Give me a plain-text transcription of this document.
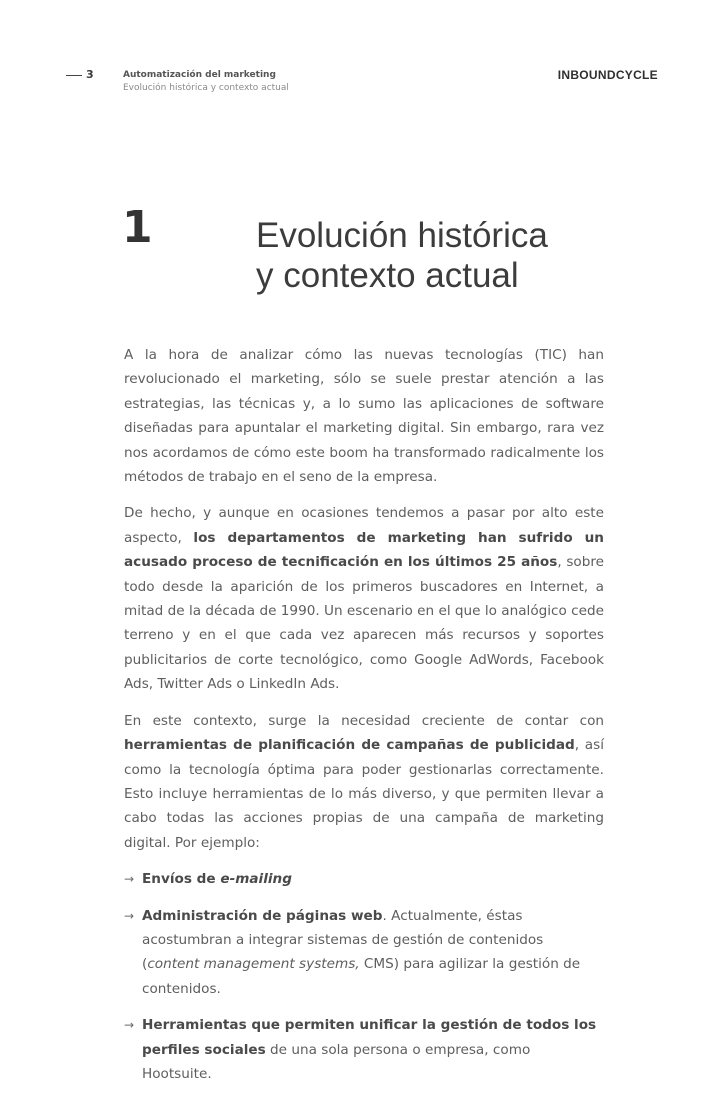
3	Automatización del marketing
Evolución histórica y contexto actual
INBOUNDCYCLE
1	Evolución histórica
y contexto actual

A la hora de analizar cómo las nuevas tecnologías (TIC) han revolucionado el marketing, sólo se suele prestar atención a las estrategias, las técnicas y, a lo sumo las aplicaciones de software diseñadas para apuntalar el marketing digital. Sin embargo, rara vez nos acordamos de cómo este boom ha transformado radicalmente los métodos de trabajo en el seno de la empresa.

De hecho, y aunque en ocasiones tendemos a pasar por alto este aspecto, los departamentos de marketing han sufrido un acusado proceso de tecnificación en los últimos 25 años, sobre todo desde la aparición de los primeros buscadores en Internet, a mitad de la década de 1990. Un escenario en el que lo analógico cede terreno y en el que cada vez aparecen más recursos y soportes publicitarios de corte tecnológico, como Google AdWords, Facebook Ads, Twitter Ads o LinkedIn Ads.

En este contexto, surge la necesidad creciente de contar con herramientas de planificación de campañas de publicidad, así como la tecnología óptima para poder gestionarlas correctamente. Esto incluye herramientas de lo más diverso, y que permiten llevar a cabo todas las acciones propias de una campaña de marketing digital. Por ejemplo:

→ Envíos de e-mailing
→ Administración de páginas web. Actualmente, éstas acostumbran a integrar sistemas de gestión de contenidos (content management systems, CMS) para agilizar la gestión de contenidos.
→ Herramientas que permiten unificar la gestión de todos los perfiles sociales de una sola persona o empresa, como Hootsuite.
